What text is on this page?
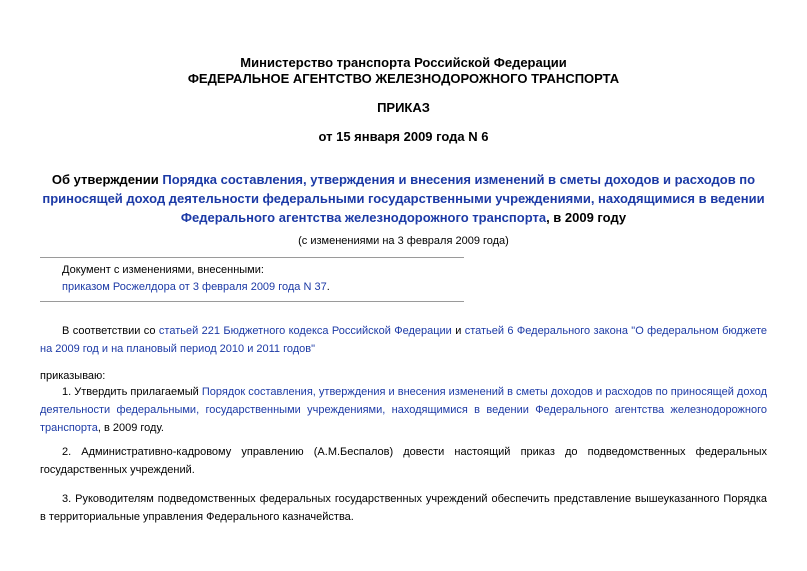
Министерство транспорта Российской Федерации
ФЕДЕРАЛЬНОЕ АГЕНТСТВО ЖЕЛЕЗНОДОРОЖНОГО ТРАНСПОРТА
ПРИКАЗ
от 15 января 2009 года N 6
Об утверждении Порядка составления, утверждения и внесения изменений в сметы доходов и расходов по приносящей доход деятельности федеральными государственными учреждениями, находящимися в ведении Федерального агентства железнодорожного транспорта, в 2009 году
(с изменениями на 3 февраля 2009 года)
Документ с изменениями, внесенными:
приказом Росжелдора от 3 февраля 2009 года N 37.
В соответствии со статьей 221 Бюджетного кодекса Российской Федерации и статьей 6 Федерального закона "О федеральном бюджете на 2009 год и на плановый период 2010 и 2011 годов"
приказываю:
1. Утвердить прилагаемый Порядок составления, утверждения и внесения изменений в сметы доходов и расходов по приносящей доход деятельности федеральными, государственными учреждениями, находящимися в ведении Федерального агентства железнодорожного транспорта, в 2009 году.
2. Административно-кадровому управлению (А.М.Беспалов) довести настоящий приказ до подведомственных федеральных государственных учреждений.
3. Руководителям подведомственных федеральных государственных учреждений обеспечить представление вышеуказанного Порядка в территориальные управления Федерального казначейства.
